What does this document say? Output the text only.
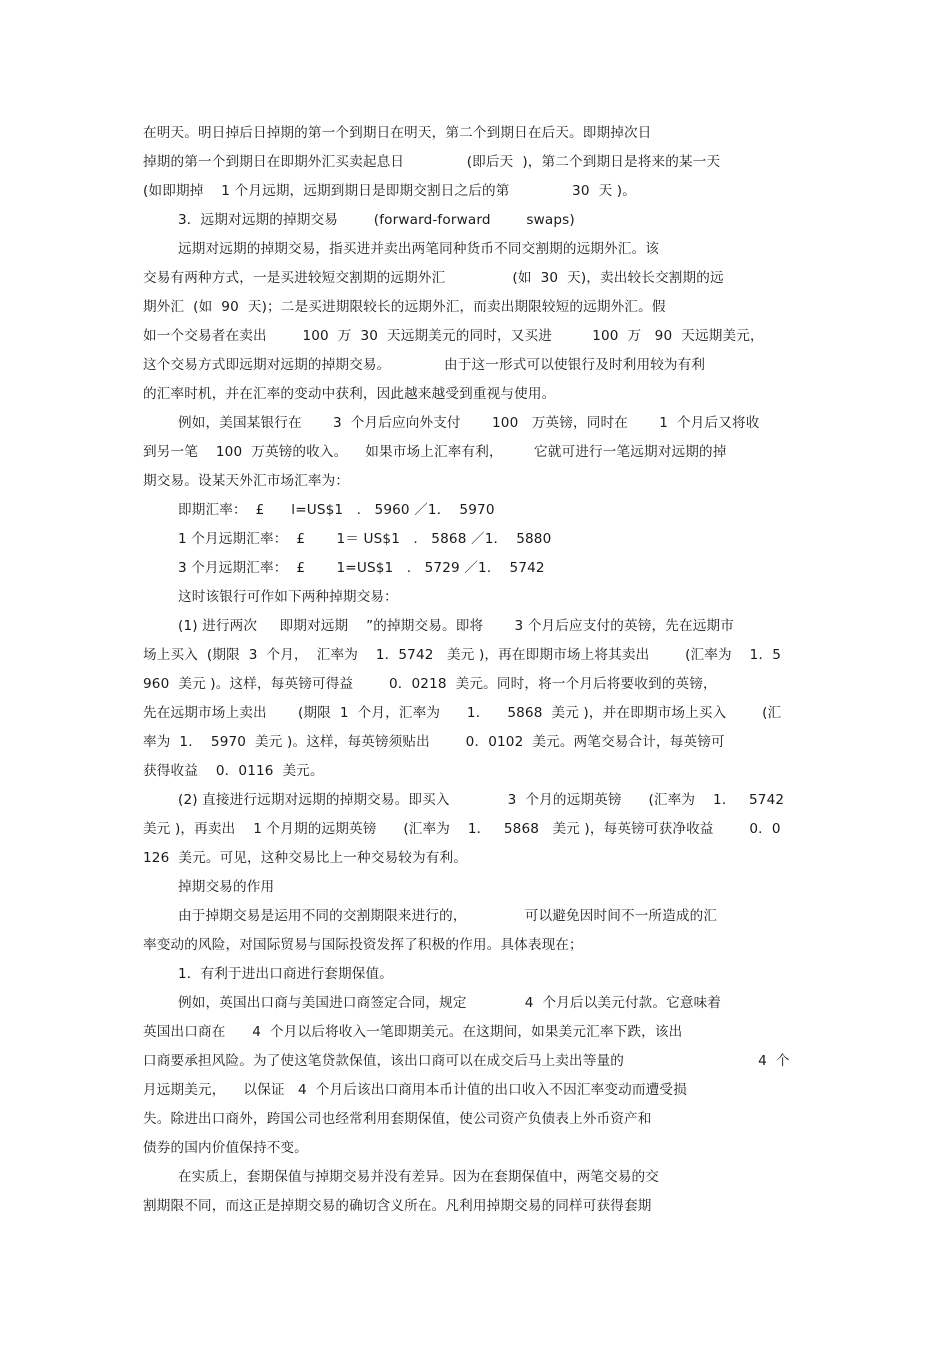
在明天。明日掉后日掉期的第一个到期日在明天，第二个到期日在后天。即期掉次日
掉期的第一个到期日在即期外汇买卖起息日              (即后天  )，第二个到期日是将来的某一天
(如即期掉    1 个月远期，远期到期日是即期交割日之后的第              30  天 )。
3．远期对远期的掉期交易        (forward-forward        swaps)
远期对远期的掉期交易，指买进并卖出两笔同种货币不同交割期的远期外汇。该
交易有两种方式，一是买进较短交割期的远期外汇               (如  30  天)，卖出较长交割期的远
期外汇  (如  90  天)；二是买进期限较长的远期外汇，而卖出期限较短的远期外汇。假
如一个交易者在卖出        100  万  30  天远期美元的同时，又买进         100  万   90  天远期美元，
这个交易方式即远期对远期的掉期交易。            由于这一形式可以使银行及时利用较为有利
的汇率时机，并在汇率的变动中获利，因此越来越受到重视与使用。
例如，美国某银行在       3  个月后应向外支付       100   万英镑，同时在       1  个月后又将收
到另一笔    100  万英镑的收入。    如果市场上汇率有利，       它就可进行一笔远期对远期的掉
期交易。设某天外汇市场汇率为：
即期汇率：  £      l=US$1   .   5960 ／1．  5970
1 个月远期汇率：  £       1＝ US$1   .   5868 ／1．  5880
3 个月远期汇率：  £       1=US$1   .   5729 ／1．  5742
这时该银行可作如下两种掉期交易：
(1) 进行两次     即期对远期    ”的掉期交易。即将       3 个月后应支付的英镑，先在远期市
场上买入  (期限  3  个月，  汇率为    1．5742   美元 )，再在即期市场上将其卖出        (汇率为    1．5
960  美元 )。这样，每英镑可得益        0．0218  美元。同时，将一个月后将要收到的英镑，
先在远期市场上卖出       (期限  1  个月，汇率为      1．    5868  美元 )，并在即期市场上买入        (汇
率为  1．  5970  美元 )。这样，每英镑须贴出        0．0102  美元。两笔交易合计，每英镑可
获得收益    0．0116  美元。
(2) 直接进行远期对远期的掉期交易。即买入             3  个月的远期英镑      (汇率为    1．   5742
美元 )，再卖出    1 个月期的远期英镑      (汇率为    1．   5868   美元 )，每英镑可获净收益        0．0
126  美元。可见，这种交易比上一种交易较为有利。
掉期交易的作用
由于掉期交易是运用不同的交割期限来进行的，             可以避免因时间不一所造成的汇
率变动的风险，对国际贸易与国际投资发挥了积极的作用。具体表现在；
1．有利于进出口商进行套期保值。
例如，英国出口商与美国进口商签定合同，规定             4  个月后以美元付款。它意味着
英国出口商在      4  个月以后将收入一笔即期美元。在这期间，如果美元汇率下跌，该出
口商要承担风险。为了使这笔贷款保值，该出口商可以在成交后马上卖出等量的                              4  个
月远期美元，    以保证   4  个月后该出口商用本币计值的出口收入不因汇率变动而遭受损
失。除进出口商外，跨国公司也经常利用套期保值，使公司资产负债表上外币资产和
债券的国内价值保持不变。
在实质上，套期保值与掉期交易并没有差异。因为在套期保值中，两笔交易的交
割期限不同，而这正是掉期交易的确切含义所在。凡利用掉期交易的同样可获得套期
